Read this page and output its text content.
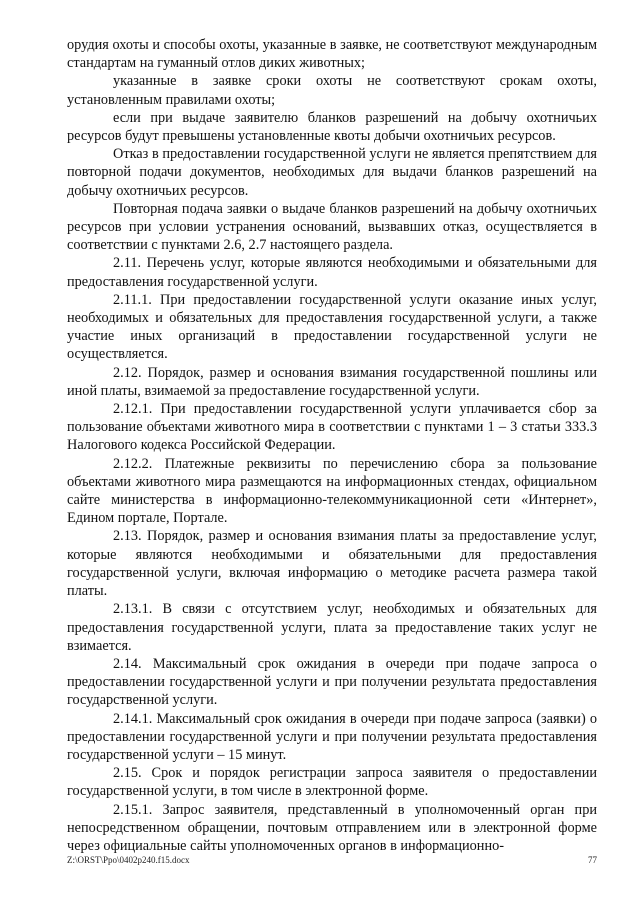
орудия охоты и способы охоты, указанные в заявке, не соответствуют международным стандартам на гуманный отлов диких животных;

указанные в заявке сроки охоты не соответствуют срокам охоты, установленным правилами охоты;

если при выдаче заявителю бланков разрешений на добычу охотничьих ресурсов будут превышены установленные квоты добычи охотничьих ресурсов.

Отказ в предоставлении государственной услуги не является препятствием для повторной подачи документов, необходимых для выдачи бланков разрешений на добычу охотничьих ресурсов.

Повторная подача заявки о выдаче бланков разрешений на добычу охотничьих ресурсов при условии устранения оснований, вызвавших отказ, осуществляется в соответствии с пунктами 2.6, 2.7 настоящего раздела.

2.11. Перечень услуг, которые являются необходимыми и обязательными для предоставления государственной услуги.

2.11.1. При предоставлении государственной услуги оказание иных услуг, необходимых и обязательных для предоставления государственной услуги, а также участие иных организаций в предоставлении государственной услуги не осуществляется.

2.12. Порядок, размер и основания взимания государственной пошлины или иной платы, взимаемой за предоставление государственной услуги.

2.12.1. При предоставлении государственной услуги уплачивается сбор за пользование объектами животного мира в соответствии с пунктами 1 – 3 статьи 333.3 Налогового кодекса Российской Федерации.

2.12.2. Платежные реквизиты по перечислению сбора за пользование объектами животного мира размещаются на информационных стендах, официальном сайте министерства в информационно-телекоммуникационной сети «Интернет», Едином портале, Портале.

2.13. Порядок, размер и основания взимания платы за предоставление услуг, которые являются необходимыми и обязательными для предоставления государственной услуги, включая информацию о методике расчета размера такой платы.

2.13.1. В связи с отсутствием услуг, необходимых и обязательных для предоставления государственной услуги, плата за предоставление таких услуг не взимается.

2.14. Максимальный срок ожидания в очереди при подаче запроса о предоставлении государственной услуги и при получении результата предоставления государственной услуги.

2.14.1. Максимальный срок ожидания в очереди при подаче запроса (заявки) о предоставлении государственной услуги и при получении результата предоставления государственной услуги – 15 минут.

2.15. Срок и порядок регистрации запроса заявителя о предоставлении государственной услуги, в том числе в электронной форме.

2.15.1. Запрос заявителя, представленный в уполномоченный орган при непосредственном обращении, почтовым отправлением или в электронной форме через официальные сайты уполномоченных органов в информационно-

Z:\ORST\Ppo\0402p240.f15.docx	77
